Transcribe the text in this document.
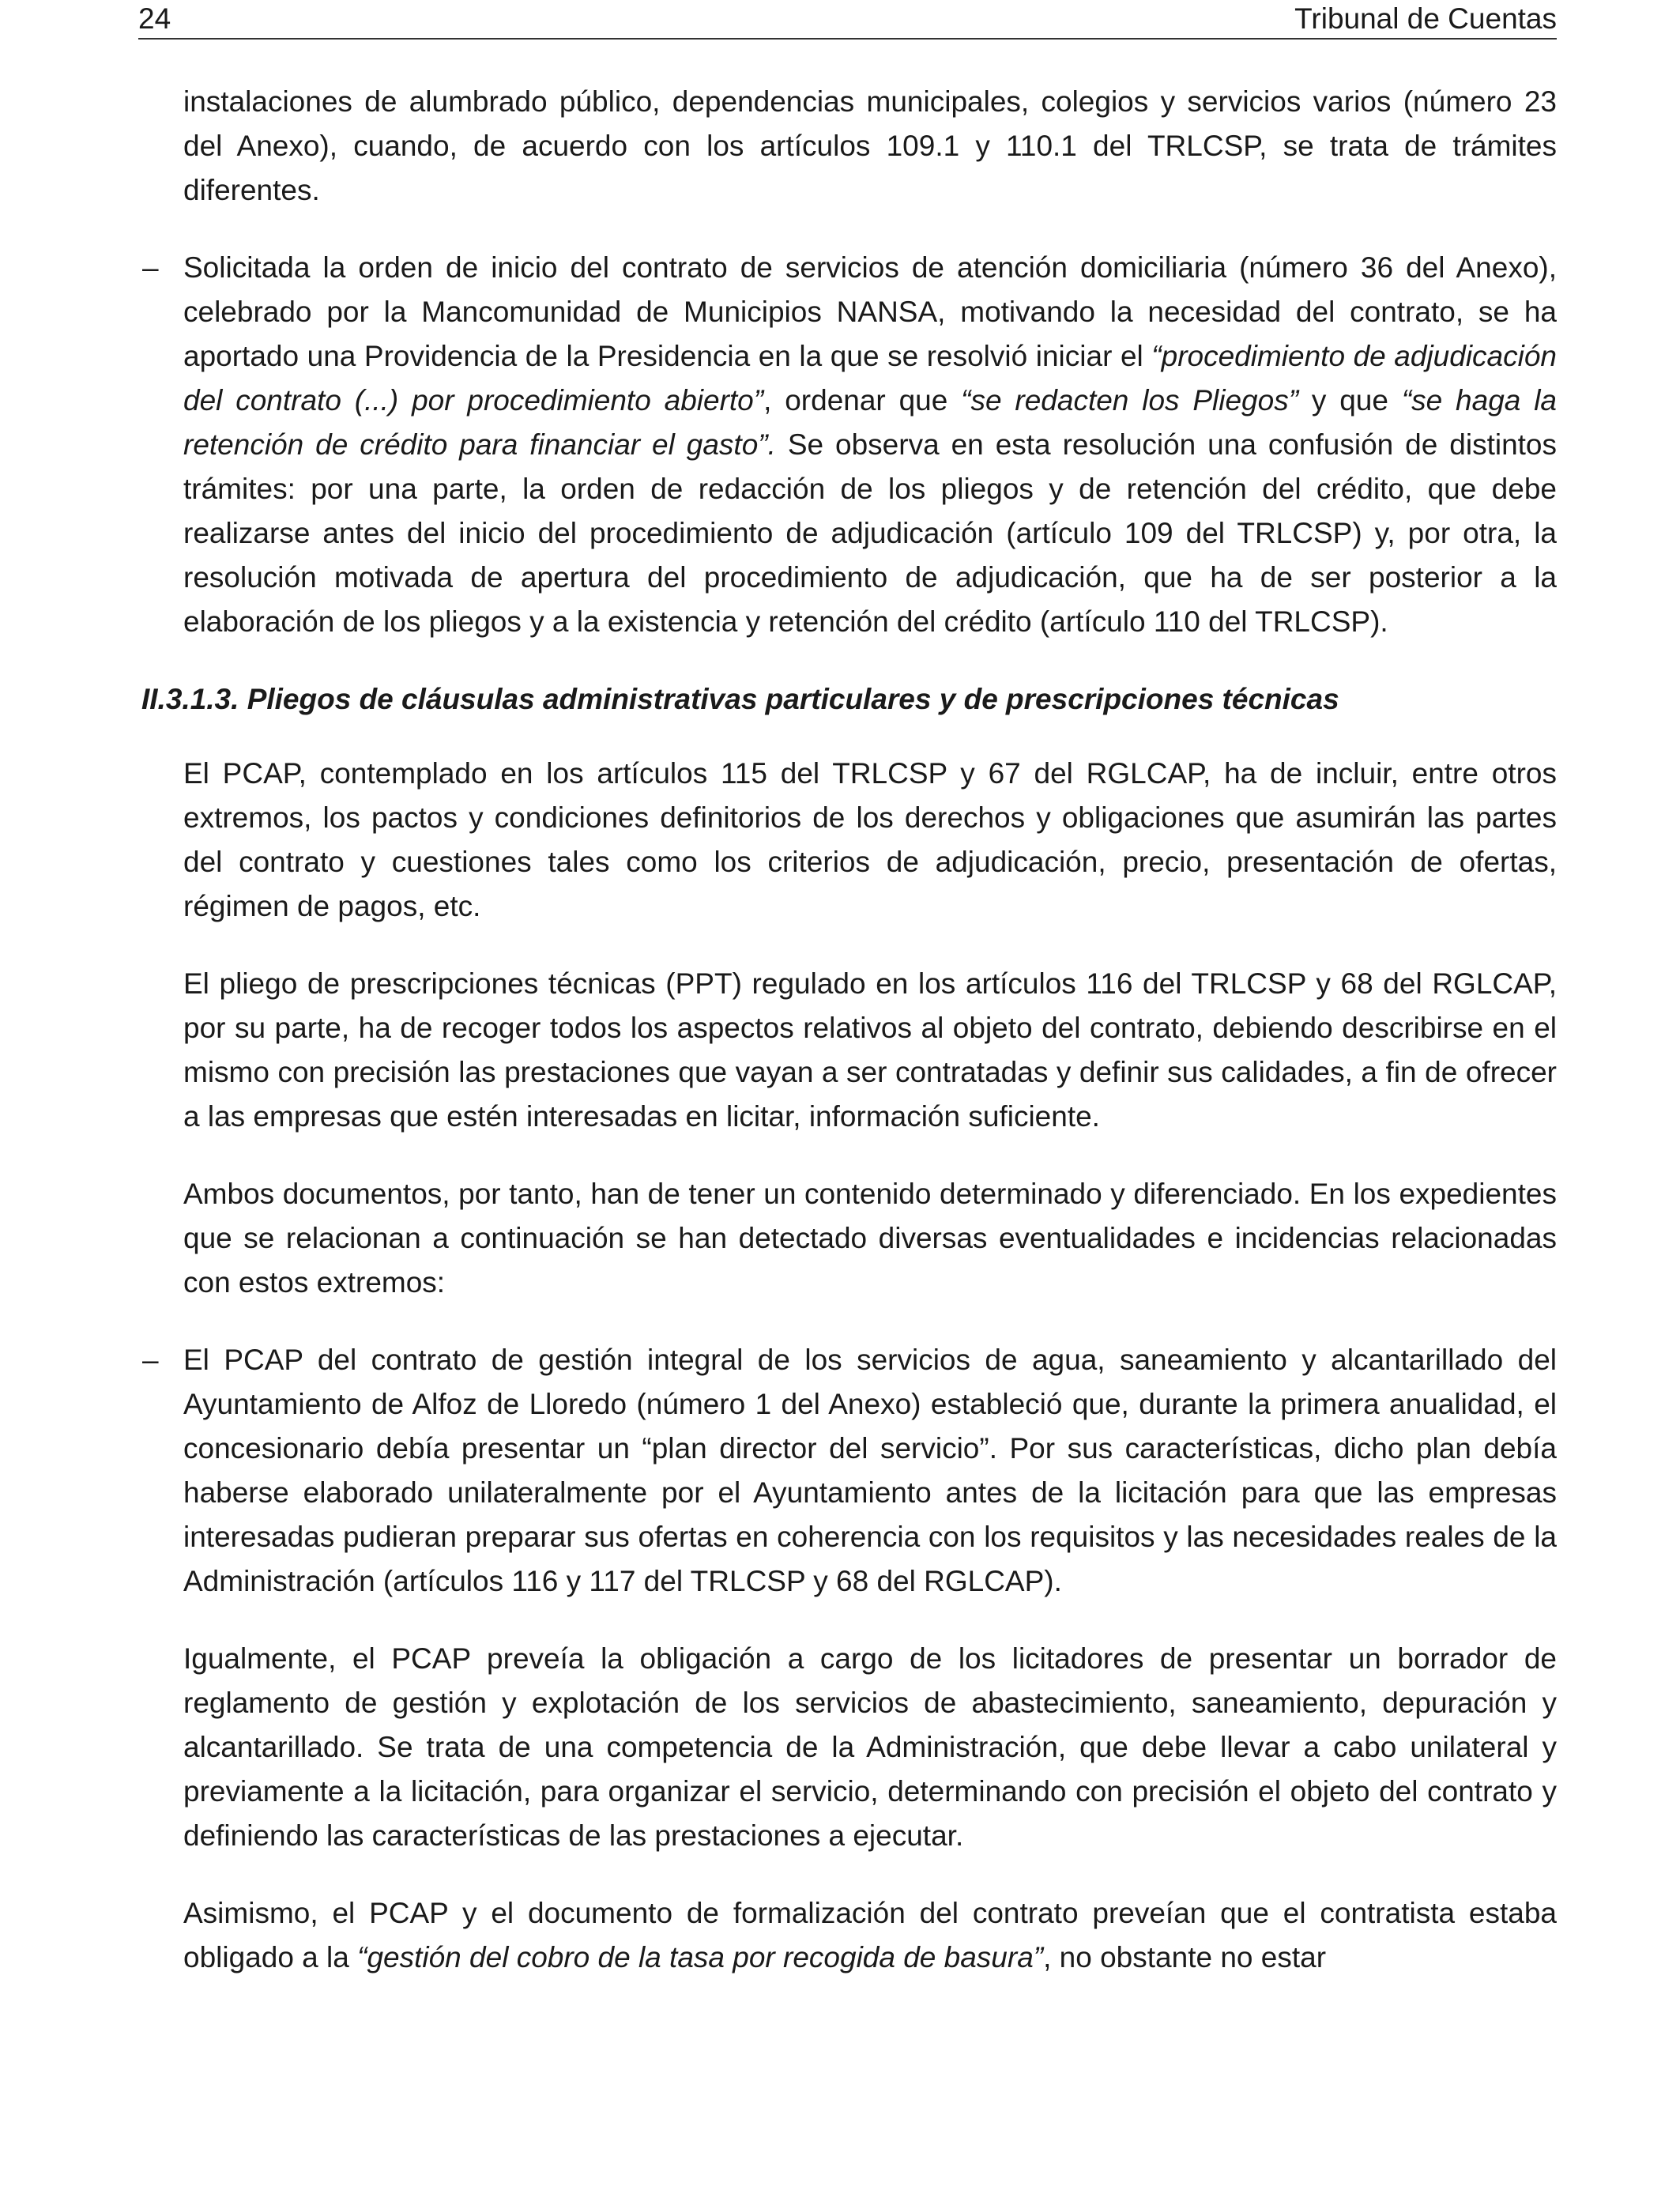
24	Tribunal de Cuentas

instalaciones de alumbrado público, dependencias municipales, colegios y servicios varios (número 23 del Anexo), cuando, de acuerdo con los artículos 109.1 y 110.1 del TRLCSP, se trata de trámites diferentes.

– Solicitada la orden de inicio del contrato de servicios de atención domiciliaria (número 36 del Anexo), celebrado por la Mancomunidad de Municipios NANSA, motivando la necesidad del contrato, se ha aportado una Providencia de la Presidencia en la que se resolvió iniciar el “procedimiento de adjudicación del contrato (...) por procedimiento abierto”, ordenar que “se redacten los Pliegos” y que “se haga la retención de crédito para financiar el gasto”. Se observa en esta resolución una confusión de distintos trámites: por una parte, la orden de redacción de los pliegos y de retención del crédito, que debe realizarse antes del inicio del procedimiento de adjudicación (artículo 109 del TRLCSP) y, por otra, la resolución motivada de apertura del procedimiento de adjudicación, que ha de ser posterior a la elaboración de los pliegos y a la existencia y retención del crédito (artículo 110 del TRLCSP).

II.3.1.3. Pliegos de cláusulas administrativas particulares y de prescripciones técnicas

El PCAP, contemplado en los artículos 115 del TRLCSP y 67 del RGLCAP, ha de incluir, entre otros extremos, los pactos y condiciones definitorios de los derechos y obligaciones que asumirán las partes del contrato y cuestiones tales como los criterios de adjudicación, precio, presentación de ofertas, régimen de pagos, etc.

El pliego de prescripciones técnicas (PPT) regulado en los artículos 116 del TRLCSP y 68 del RGLCAP, por su parte, ha de recoger todos los aspectos relativos al objeto del contrato, debiendo describirse en el mismo con precisión las prestaciones que vayan a ser contratadas y definir sus calidades, a fin de ofrecer a las empresas que estén interesadas en licitar, información suficiente.

Ambos documentos, por tanto, han de tener un contenido determinado y diferenciado. En los expedientes que se relacionan a continuación se han detectado diversas eventualidades e incidencias relacionadas con estos extremos:

– El PCAP del contrato de gestión integral de los servicios de agua, saneamiento y alcantarillado del Ayuntamiento de Alfoz de Lloredo (número 1 del Anexo) estableció que, durante la primera anualidad, el concesionario debía presentar un “plan director del servicio”. Por sus características, dicho plan debía haberse elaborado unilateralmente por el Ayuntamiento antes de la licitación para que las empresas interesadas pudieran preparar sus ofertas en coherencia con los requisitos y las necesidades reales de la Administración (artículos 116 y 117 del TRLCSP y 68 del RGLCAP).

Igualmente, el PCAP preveía la obligación a cargo de los licitadores de presentar un borrador de reglamento de gestión y explotación de los servicios de abastecimiento, saneamiento, depuración y alcantarillado. Se trata de una competencia de la Administración, que debe llevar a cabo unilateral y previamente a la licitación, para organizar el servicio, determinando con precisión el objeto del contrato y definiendo las características de las prestaciones a ejecutar.

Asimismo, el PCAP y el documento de formalización del contrato preveían que el contratista estaba obligado a la “gestión del cobro de la tasa por recogida de basura”, no obstante no estar
